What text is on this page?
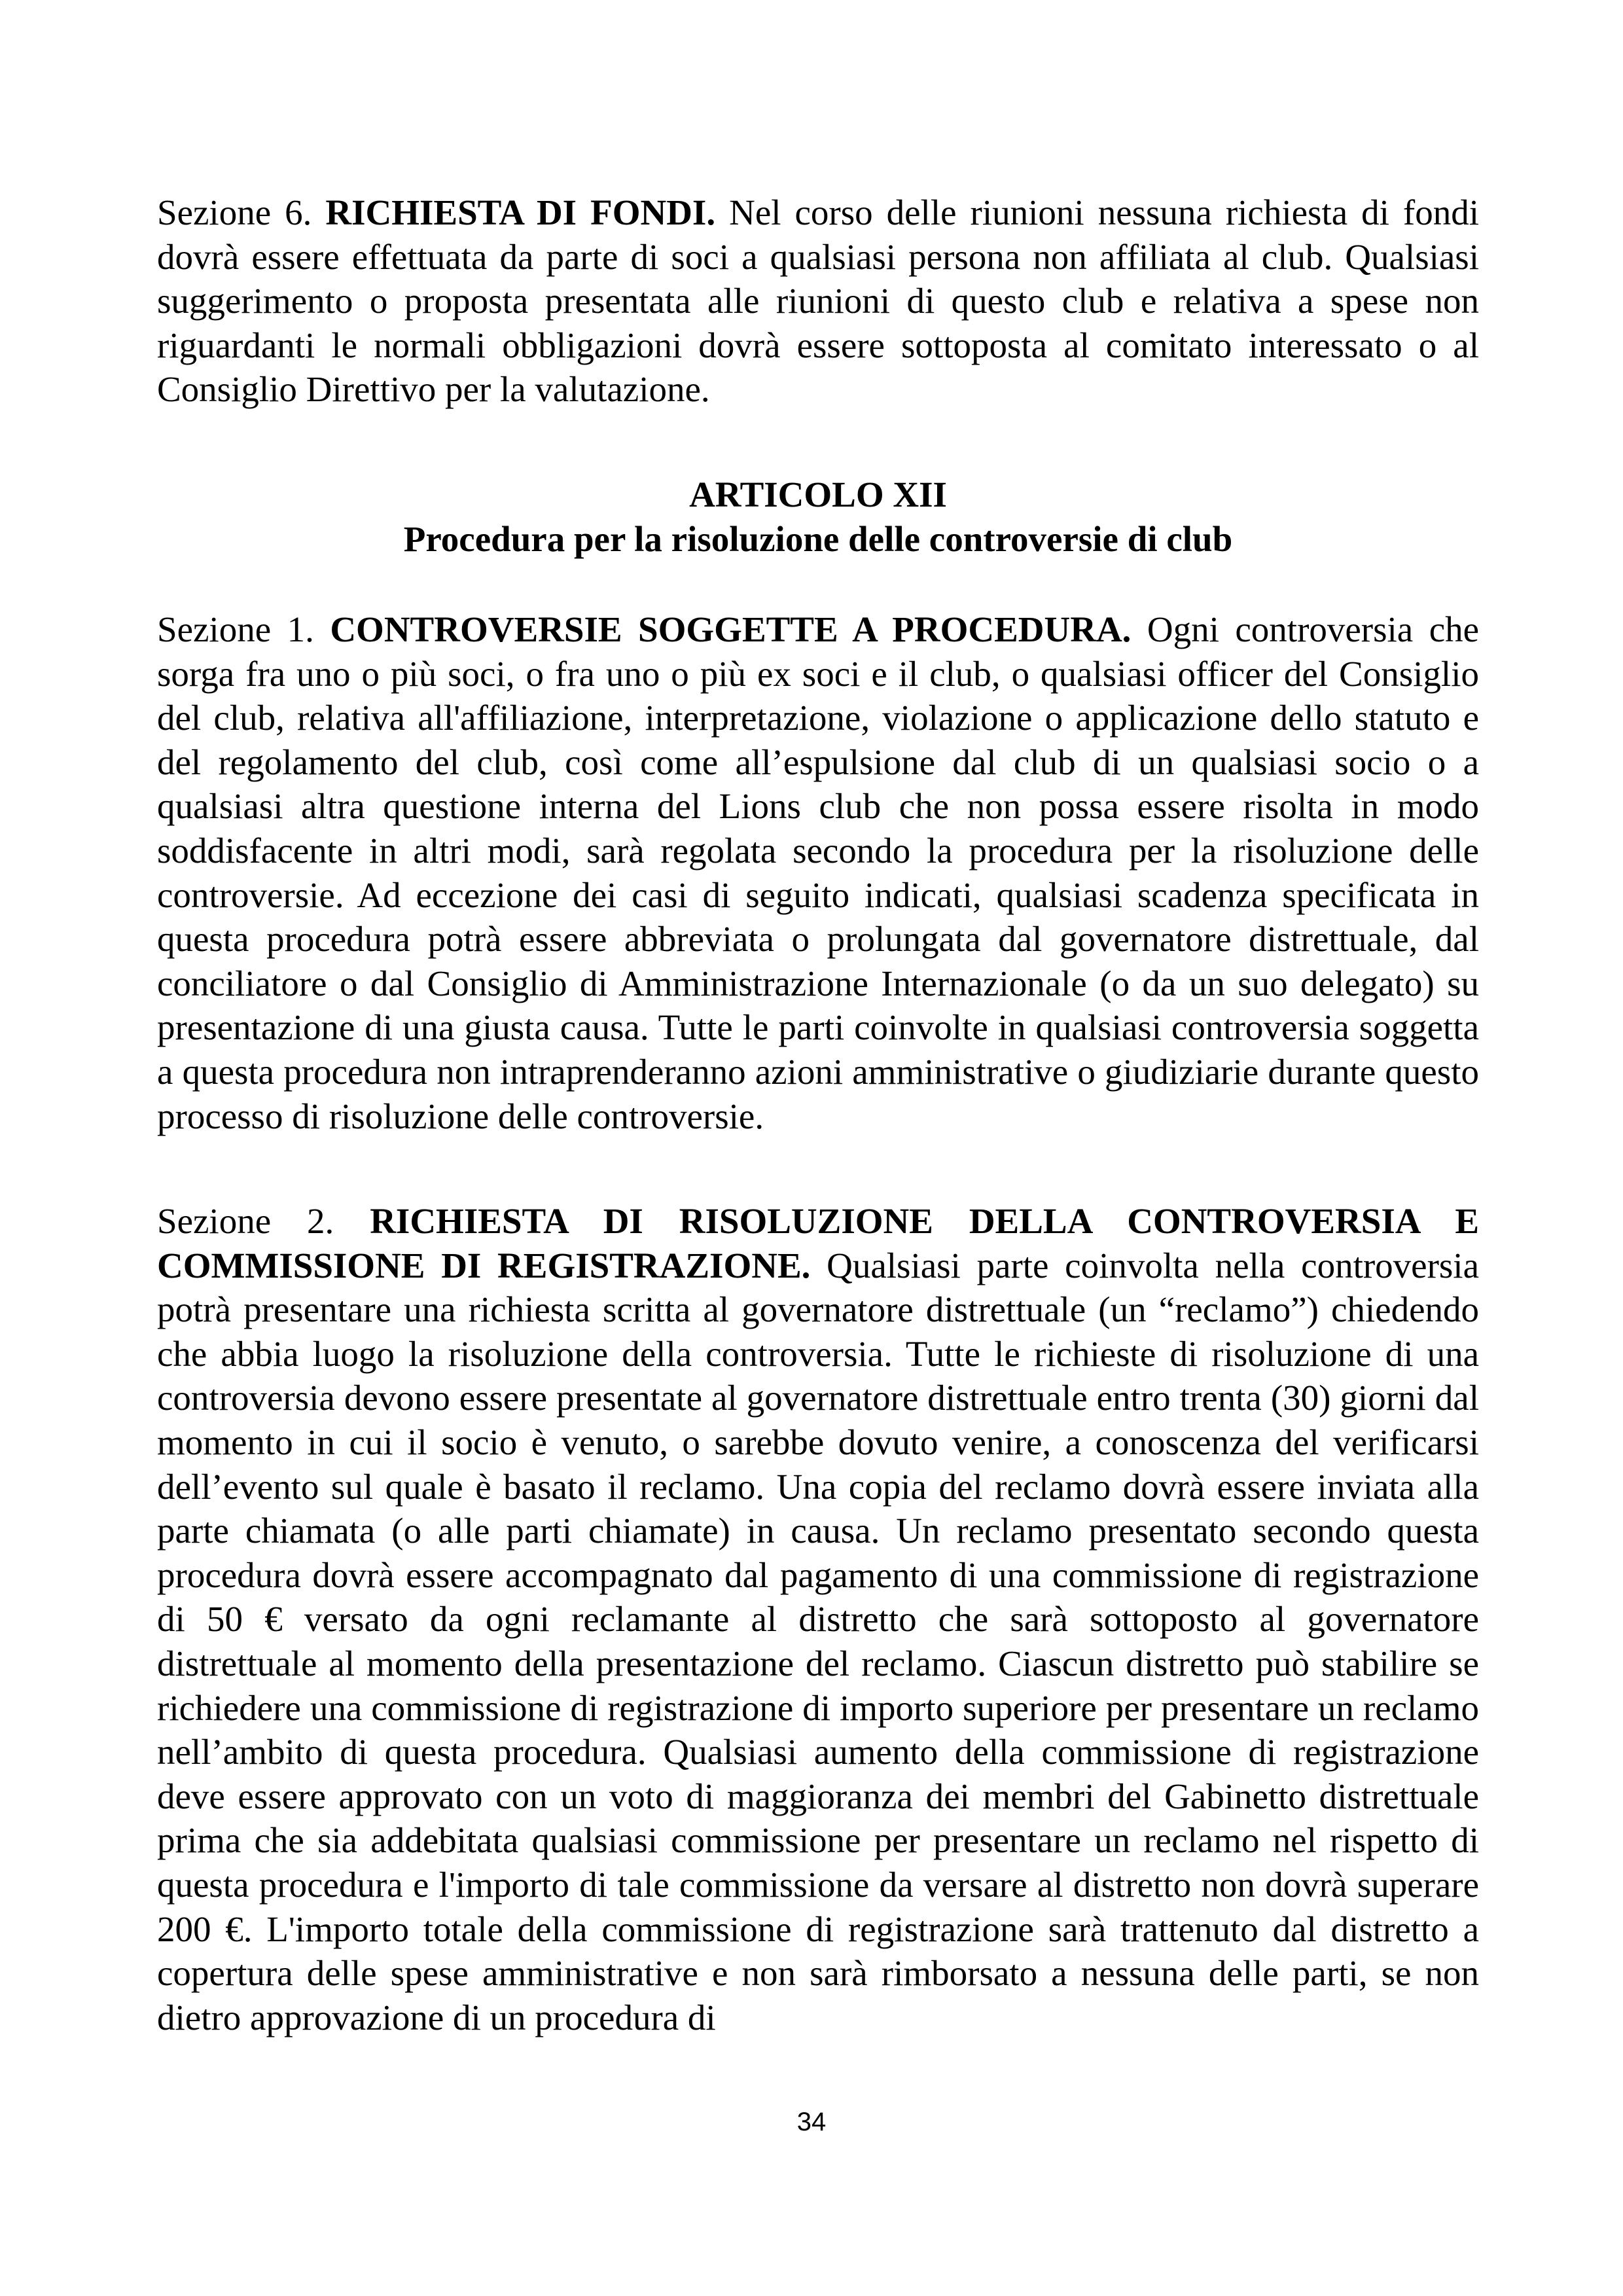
Sezione 6. RICHIESTA DI FONDI. Nel corso delle riunioni nessuna richiesta di fondi dovrà essere effettuata da parte di soci a qualsiasi persona non affiliata al club. Qualsiasi suggerimento o proposta presentata alle riunioni di questo club e relativa a spese non riguardanti le normali obbligazioni dovrà essere sottoposta al comitato interessato o al Consiglio Direttivo per la valutazione.

ARTICOLO XII
Procedura per la risoluzione delle controversie di club

Sezione 1. CONTROVERSIE SOGGETTE A PROCEDURA. Ogni controversia che sorga fra uno o più soci, o fra uno o più ex soci e il club, o qualsiasi officer del Consiglio del club, relativa all'affiliazione, interpretazione, violazione o applicazione dello statuto e del regolamento del club, così come all’espulsione dal club di un qualsiasi socio o a qualsiasi altra questione interna del Lions club che non possa essere risolta in modo soddisfacente in altri modi, sarà regolata secondo la procedura per la risoluzione delle controversie. Ad eccezione dei casi di seguito indicati, qualsiasi scadenza specificata in questa procedura potrà essere abbreviata o prolungata dal governatore distrettuale, dal conciliatore o dal Consiglio di Amministrazione Internazionale (o da un suo delegato) su presentazione di una giusta causa. Tutte le parti coinvolte in qualsiasi controversia soggetta a questa procedura non intraprenderanno azioni amministrative o giudiziarie durante questo processo di risoluzione delle controversie.

Sezione 2. RICHIESTA DI RISOLUZIONE DELLA CONTROVERSIA E COMMISSIONE DI REGISTRAZIONE. Qualsiasi parte coinvolta nella controversia potrà presentare una richiesta scritta al governatore distrettuale (un “reclamo”) chiedendo che abbia luogo la risoluzione della controversia. Tutte le richieste di risoluzione di una controversia devono essere presentate al governatore distrettuale entro trenta (30) giorni dal momento in cui il socio è venuto, o sarebbe dovuto venire, a conoscenza del verificarsi dell’evento sul quale è basato il reclamo. Una copia del reclamo dovrà essere inviata alla parte chiamata (o alle parti chiamate) in causa. Un reclamo presentato secondo questa procedura dovrà essere accompagnato dal pagamento di una commissione di registrazione di 50 € versato da ogni reclamante al distretto che sarà sottoposto al governatore distrettuale al momento della presentazione del reclamo. Ciascun distretto può stabilire se richiedere una commissione di registrazione di importo superiore per presentare un reclamo nell’ambito di questa procedura. Qualsiasi aumento della commissione di registrazione deve essere approvato con un voto di maggioranza dei membri del Gabinetto distrettuale prima che sia addebitata qualsiasi commissione per presentare un reclamo nel rispetto di questa procedura e l'importo di tale commissione da versare al distretto non dovrà superare 200 €. L'importo totale della commissione di registrazione sarà trattenuto dal distretto a copertura delle spese amministrative e non sarà rimborsato a nessuna delle parti, se non dietro approvazione di un procedura di

34
